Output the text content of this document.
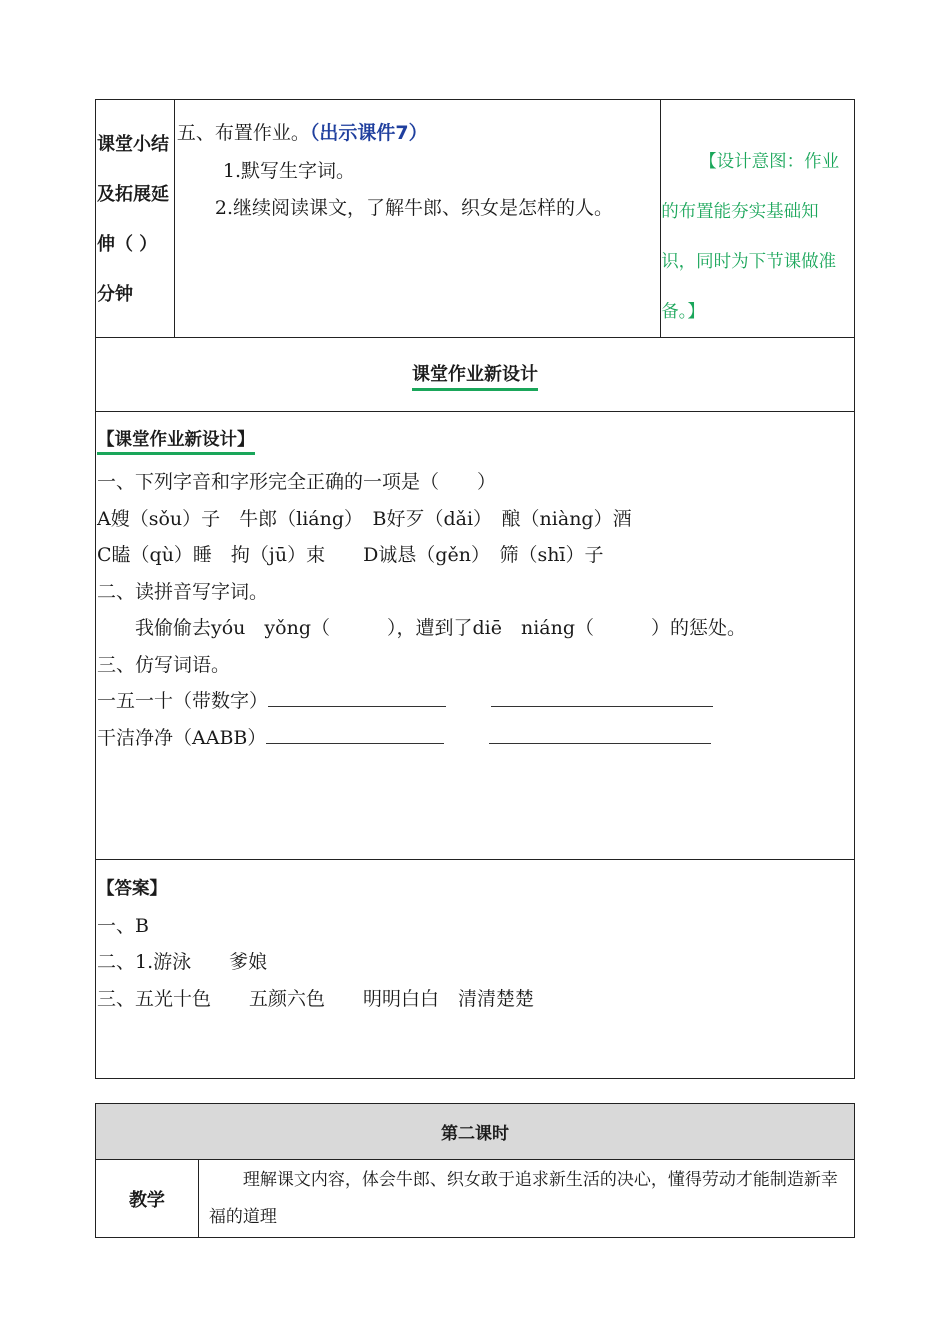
课堂小结
及拓展延
伸（ ）
分钟

五、布置作业。（出示课件7）
1.默写生字词。
2.继续阅读课文，了解牛郎、织女是怎样的人。

【设计意图：作业
的布置能夯实基础知
识，同时为下节课做准
备。】

课堂作业新设计

【课堂作业新设计】
一、下列字音和字形完全正确的一项是（　　）
A嫂（sǒu）子　牛郎（liáng）　B好歹（dǎi）　酿（niàng）酒
C瞌（qù）睡　拘（jū）束　　D诚恳（gěn）　筛（shī）子
二、读拼音写字词。
　　我偷偷去yóu　yǒng（　　　），遭到了diē　niáng（　　　）的惩处。
三、仿写词语。
一五一十（带数字）
干洁净净（AABB）

【答案】
一、B
二、1.游泳　　爹娘
三、五光十色　　五颜六色　　明明白白　清清楚楚
第二课时
教学	　　理解课文内容，体会牛郎、织女敢于追求新生活的决心，懂得劳动才能制造新幸福的道理
